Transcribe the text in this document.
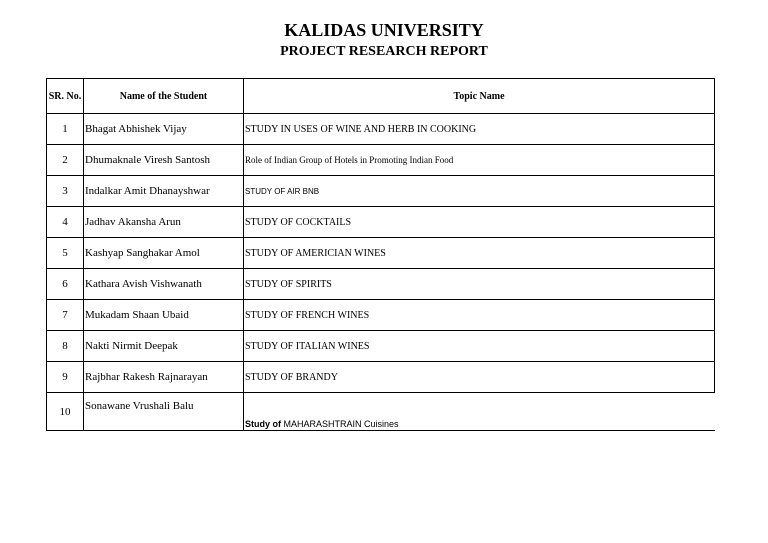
KALIDAS UNIVERSITY
PROJECT RESEARCH REPORT
SR. No.	Name of the Student	Topic Name
1	Bhagat Abhishek Vijay	STUDY IN USES OF WINE AND HERB IN COOKING
2	Dhumaknale Viresh Santosh	Role of Indian Group of Hotels in Promoting Indian Food
3	Indalkar Amit Dhanayshwar	STUDY OF AIR BNB
4	Jadhav Akansha Arun	STUDY OF COCKTAILS
5	Kashyap Sanghakar Amol	STUDY OF AMERICIAN WINES
6	Kathara Avish Vishwanath	STUDY OF SPIRITS
7	Mukadam Shaan Ubaid	STUDY OF FRENCH WINES
8	Nakti Nirmit Deepak	STUDY OF ITALIAN WINES
9	Rajbhar Rakesh Rajnarayan	STUDY OF BRANDY
10	Sonawane Vrushali Balu	Study of MAHARASHTRAIN Cuisines
